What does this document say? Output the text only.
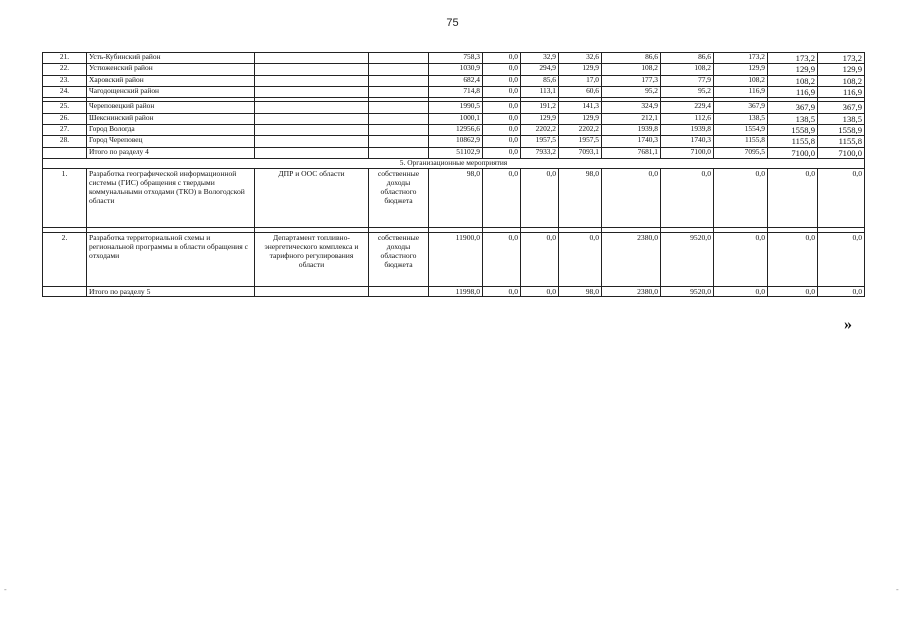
75
21.	Усть-Кубинский район			758,3	0,0	32,9	32,6	86,6	86,6	173,2	173,2	173,2
22.	Устюженский район			1030,9	0,0	294,9	129,9	108,2	108,2	129,9	129,9	129,9
23.	Харовский район			682,4	0,0	85,6	17,0	177,3	77,9	108,2	108,2	108,2
24.	Чагодощенский район			714,8	0,0	113,1	60,6	95,2	95,2	116,9	116,9	116,9

25.	Череповецкий район			1990,5	0,0	191,2	141,3	324,9	229,4	367,9	367,9	367,9
26.	Шекснинский район			1000,1	0,0	129,9	129,9	212,1	112,6	138,5	138,5	138,5
27.	Город Вологда			12956,6	0,0	2202,2	2202,2	1939,8	1939,8	1554,9	1558,9	1558,9
28.	Город Череповец			10862,9	0,0	1957,5	1957,5	1740,3	1740,3	1155,8	1155,8	1155,8
	Итого по разделу 4			51102,9	0,0	7933,2	7093,1	7681,1	7100,0	7095,5	7100,0	7100,0
5. Организационные мероприятия												
1.	Разработка географической информационной системы (ГИС) обращения с твердыми коммунальными отходами (ТКО) в Вологодской области	ДПР и ООС области	собственные доходы областного бюджета	98,0	0,0	0,0	98,0	0,0	0,0	0,0	0,0	0,0

2.	Разработка территориальной схемы и региональной программы в области обращения с отходами	Департамент топливно-энергетического комплекса и тарифного регулирования области	собственные доходы областного бюджета	11900,0	0,0	0,0	0,0	2380,0	9520,0	0,0	0,0	0,0
	Итого по разделу 5			11998,0	0,0	0,0	98,0	2380,0	9520,0	0,0	0,0	0,0
»
-	-
